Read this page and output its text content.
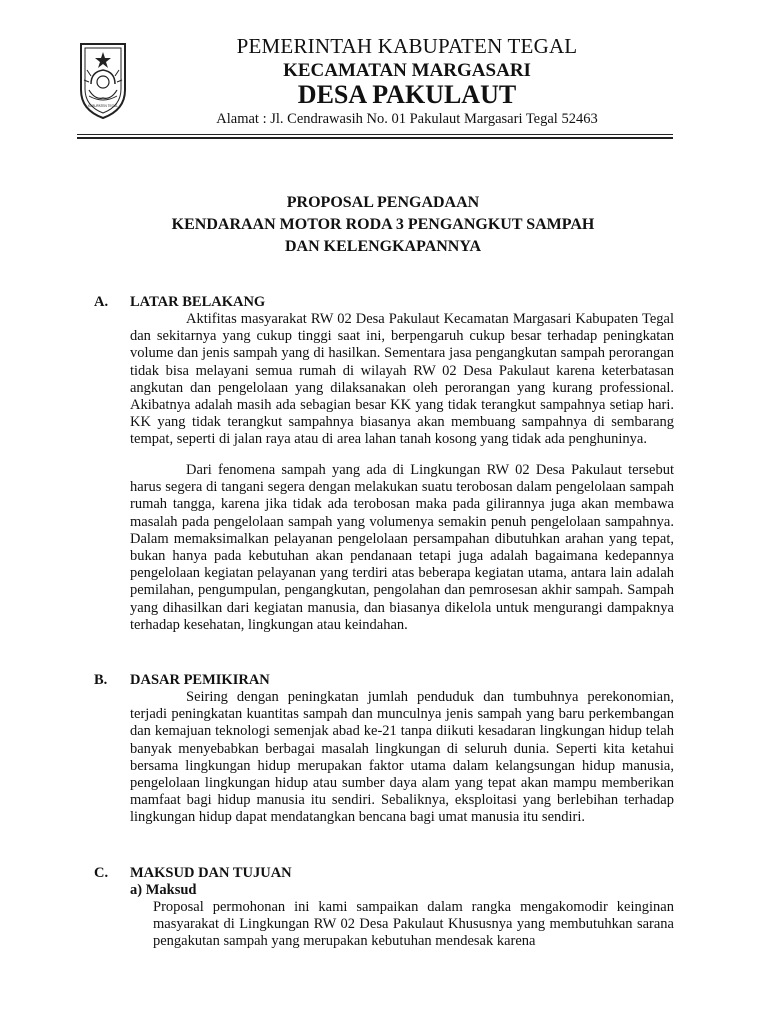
KABUPATEN TEGAL
PEMERINTAH KABUPATEN TEGAL
KECAMATAN MARGASARI
DESA PAKULAUT
Alamat : Jl. Cendrawasih No. 01 Pakulaut Margasari Tegal 52463
PROPOSAL PENGADAAN
KENDARAAN MOTOR RODA 3 PENGANGKUT SAMPAH
DAN KELENGKAPANNYA
A. LATAR BELAKANG

Aktifitas masyarakat RW 02 Desa Pakulaut Kecamatan Margasari Kabupaten Tegal dan sekitarnya yang cukup tinggi saat ini, berpengaruh cukup besar terhadap peningkatan volume dan jenis sampah yang di hasilkan. Sementara jasa pengangkutan sampah perorangan tidak bisa melayani semua rumah di wilayah RW 02 Desa Pakulaut karena keterbatasan angkutan dan pengelolaan yang dilaksanakan oleh perorangan yang kurang professional. Akibatnya adalah masih ada sebagian besar KK yang tidak terangkut sampahnya setiap hari. KK yang tidak terangkut sampahnya biasanya akan membuang sampahnya di sembarang tempat, seperti di jalan raya atau di area lahan tanah kosong yang tidak ada penghuninya.

Dari fenomena sampah yang ada di Lingkungan RW 02 Desa Pakulaut tersebut harus segera di tangani segera dengan melakukan suatu terobosan dalam pengelolaan sampah rumah tangga, karena jika tidak ada terobosan maka pada gilirannya juga akan membawa masalah pada pengelolaan sampah yang volumenya semakin penuh pengelolaan sampahnya. Dalam memaksimalkan pelayanan pengelolaan persampahan dibutuhkan arahan yang tepat, bukan hanya pada kebutuhan akan pendanaan tetapi juga adalah bagaimana kedepannya pengelolaan kegiatan pelayanan yang terdiri atas beberapa kegiatan utama, antara lain adalah pemilahan, pengumpulan, pengangkutan, pengolahan dan pemrosesan akhir sampah. Sampah yang dihasilkan dari kegiatan manusia, dan biasanya dikelola untuk mengurangi dampaknya terhadap kesehatan, lingkungan atau keindahan.

B. DASAR PEMIKIRAN

Seiring dengan peningkatan jumlah penduduk dan tumbuhnya perekonomian, terjadi peningkatan kuantitas sampah dan munculnya jenis sampah yang baru perkembangan dan kemajuan teknologi semenjak abad ke-21 tanpa diikuti kesadaran lingkungan hidup telah banyak menyebabkan berbagai masalah lingkungan di seluruh dunia. Seperti kita ketahui bersama lingkungan hidup merupakan faktor utama dalam kelangsungan hidup manusia, pengelolaan lingkungan hidup atau sumber daya alam yang tepat akan mampu memberikan mamfaat bagi hidup manusia itu sendiri. Sebaliknya, eksploitasi yang berlebihan terhadap lingkungan hidup dapat mendatangkan bencana bagi umat manusia itu sendiri.

C. MAKSUD DAN TUJUAN
a) Maksud

Proposal permohonan ini kami sampaikan dalam rangka mengakomodir keinginan masyarakat di Lingkungan RW 02 Desa Pakulaut Khususnya yang membutuhkan sarana pengakutan sampah yang merupakan kebutuhan mendesak karena
